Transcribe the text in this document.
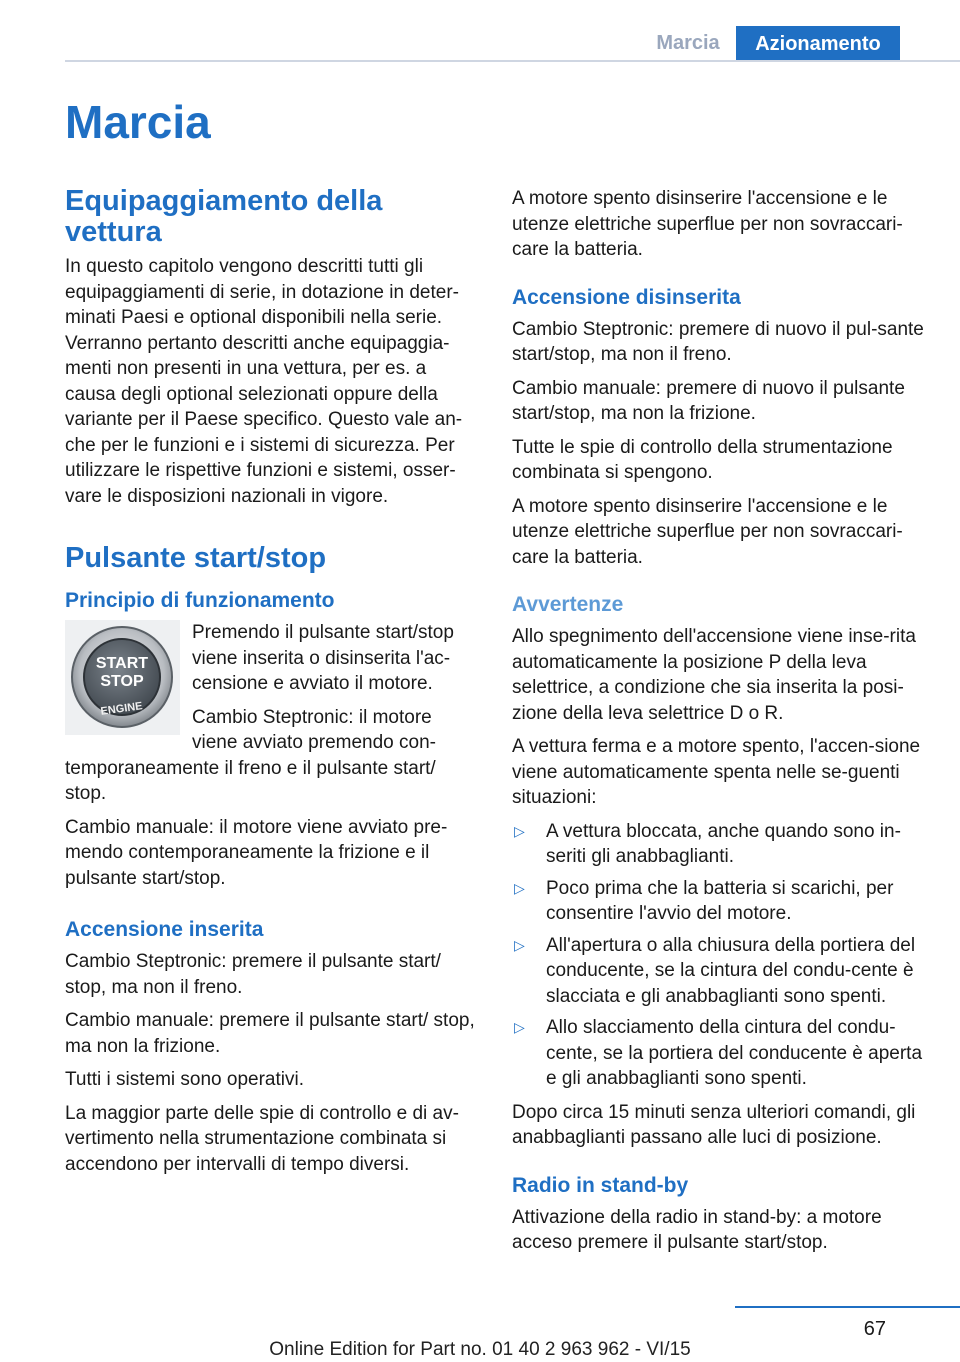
Marcia	Azionamento
Marcia
Equipaggiamento della vettura

In questo capitolo vengono descritti tutti gli equipaggiamenti di serie, in dotazione in deter‐minati Paesi e optional disponibili nella serie. Verranno pertanto descritti anche equipaggia‐menti non presenti in una vettura, per es. a causa degli optional selezionati oppure della variante per il Paese specifico. Questo vale an‐che per le funzioni e i sistemi di sicurezza. Per utilizzare le rispettive funzioni e sistemi, osser‐vare le disposizioni nazionali in vigore.

Pulsante start/stop
Principio di funzionamento
START
STOP
ENGINE

Premendo il pulsante start/stop viene inserita o disinserita l'ac‐censione e avviato il motore.

Cambio Steptronic: il motore viene avviato premendo con‐temporaneamente il freno e il pulsante start/ stop.

Cambio manuale: il motore viene avviato pre‐mendo contemporaneamente la frizione e il pulsante start/stop.

Accensione inserita

Cambio Steptronic: premere il pulsante start/ stop, ma non il freno.

Cambio manuale: premere il pulsante start/ stop, ma non la frizione.

Tutti i sistemi sono operativi.

La maggior parte delle spie di controllo e di av‐vertimento nella strumentazione combinata si accendono per intervalli di tempo diversi.

A motore spento disinserire l'accensione e le utenze elettriche superflue per non sovraccari‐care la batteria.

Accensione disinserita

Cambio Steptronic: premere di nuovo il pul‐sante start/stop, ma non il freno.

Cambio manuale: premere di nuovo il pulsante start/stop, ma non la frizione.

Tutte le spie di controllo della strumentazione combinata si spengono.

A motore spento disinserire l'accensione e le utenze elettriche superflue per non sovraccari‐care la batteria.

Avvertenze

Allo spegnimento dell'accensione viene inse‐rita automaticamente la posizione P della leva selettrice, a condizione che sia inserita la posi‐zione della leva selettrice D o R.

A vettura ferma e a motore spento, l'accen‐sione viene automaticamente spenta nelle se‐guenti situazioni:

▷ A vettura bloccata, anche quando sono in‐seriti gli anabbaglianti.
▷ Poco prima che la batteria si scarichi, per consentire l'avvio del motore.
▷ All'apertura o alla chiusura della portiera del conducente, se la cintura del condu‐cente è slacciata e gli anabbaglianti sono spenti.
▷ Allo slacciamento della cintura del condu‐cente, se la portiera del conducente è aperta e gli anabbaglianti sono spenti.

Dopo circa 15 minuti senza ulteriori comandi, gli anabbaglianti passano alle luci di posizione.

Radio in stand-by

Attivazione della radio in stand-by: a motore acceso premere il pulsante start/stop.

67
Online Edition for Part no. 01 40 2 963 962 - VI/15
